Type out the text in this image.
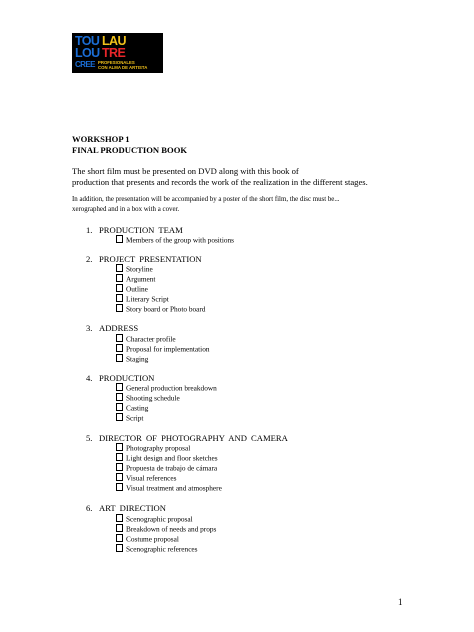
TOU LAU
LOU TRE
CREE PROFESIONALES
CON ALMA DE ARTISTA
WORKSHOP 1
FINAL PRODUCTION BOOK
The short film must be presented on DVD along with this book of
production that presents and records the work of the realization in the different stages.
In addition, the presentation will be accompanied by a poster of the short film, the disc must be...
xerographed and in a box with a cover.
1. PRODUCTION TEAM
Members of the group with positions
2. PROJECT PRESENTATION
Storyline
Argument
Outline
Literary Script
Story board or Photo board
3. ADDRESS
Character profile
Proposal for implementation
Staging
4. PRODUCTION
General production breakdown
Shooting schedule
Casting
Script
5. DIRECTOR OF PHOTOGRAPHY AND CAMERA
Photography proposal
Light design and floor sketches
Propuesta de trabajo de cámara
Visual references
Visual treatment and atmosphere
6. ART DIRECTION
Scenographic proposal
Breakdown of needs and props
Costume proposal
Scenographic references
1
